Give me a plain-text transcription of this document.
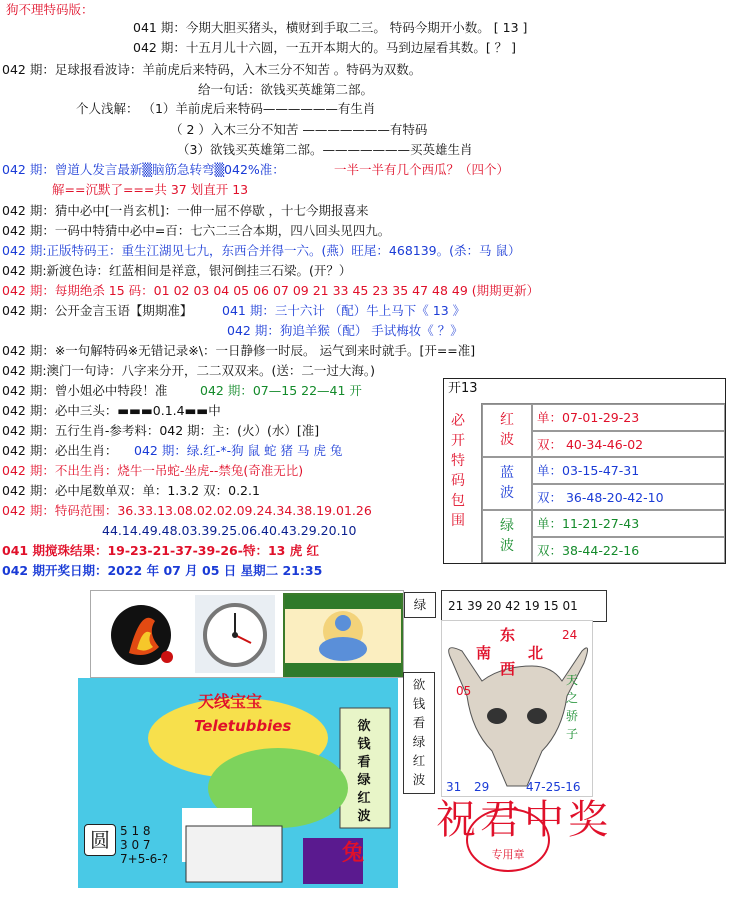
狗不理特码版：
041 期：今期大胆买猪头，横财到手取二三。 特码今期开小数。 [ 13 ]
042 期：十五月儿十六圆，一五开本期大的。马到边屋看其数。[ ？ ]
042 期：足球报看波诗：羊前虎后来特码，入木三分不知苦 。特码为双数。
给一句话：欲钱买英雄第二部。
个人浅解： （1）羊前虎后来特码——————有生肖
（ 2 ）入木三分不知苦 ———————有特码
（3）欲钱买英雄第二部。———————买英雄生肖
042 期：曾道人发言最新▒脑筋急转弯▒042%准：	一半一半有几个西瓜？（四个）
解==沉默了===共 37 划直开 13
042 期：猜中必中[一肖玄机]：一伸一屈不停歇 ，十七今期报喜来
042 期：一码中特猜中必中=百：七六二三合本期，四八回头见四九。
042 期:正版特码王：重生江湖见七九，东西合并得一六。(燕）旺尾：468139。(杀：马 鼠）
042 期:新渡色诗：红蓝相间是祥意，银河倒挂三石梁。(开？）
042 期：每期绝杀 15 码：01 02 03 04 05 06 07 09 21 33 45 23 35 47 48 49 (期期更新）
042 期：公开金言玉语【期期准】 041 期：三十六计 （配）牛上马下《 13 》
042 期：狗追羊猴（配） 手试梅妆《 ？》
042 期：※一句解特码※无错记录※\：一日静修一时辰。 运气到来时就手。[开==准]
042 期:澳门一句诗：八字来分开，二二双双来。(送：二一过大海。)
042 期：曾小姐必中特段！准	042 期：07—15 22—41 开
042 期：必中三头：▬▬▬0.1.4▬▬中
042 期：五行生肖-参考料：042 期：主：(火）(水）[准]
042 期：必出生肖： 042 期：绿.红-*-狗 鼠 蛇 猪 马 虎 兔
042 期：不出生肖：烧牛一吊蛇-坐虎--禁兔(奇准无比)
042 期：必中尾数单双：单：1.3.2 双：0.2.1
042 期：特码范围：36.33.13.08.02.02.09.24.34.38.19.01.26
44.14.49.48.03.39.25.06.40.43.29.20.10
041 期搅珠结果：19-23-21-37-39-26-特：13 虎 红
042 期开奖日期：2022 年 07 月 05 日 星期二 21:35
开13
必
开
特
码
包
围
红
波
单：07-01-29-23
双： 40-34-46-02
蓝
波
单：03-15-47-31
双： 36-48-20-42-10
绿
波
单：11-21-27-43
双：38-44-22-16
绿	21 39 20 42 19 15 01
天线宝宝
Teletubbies	欲
钱
看
绿
红
波
圆 5 1 8
3 0 7
7+5-6-?	兔
欲
钱
看
绿
红
波
东
南 北
西
05
24
天
之
骄
子
31 29	47-25-16
祝君中奖
专用章
